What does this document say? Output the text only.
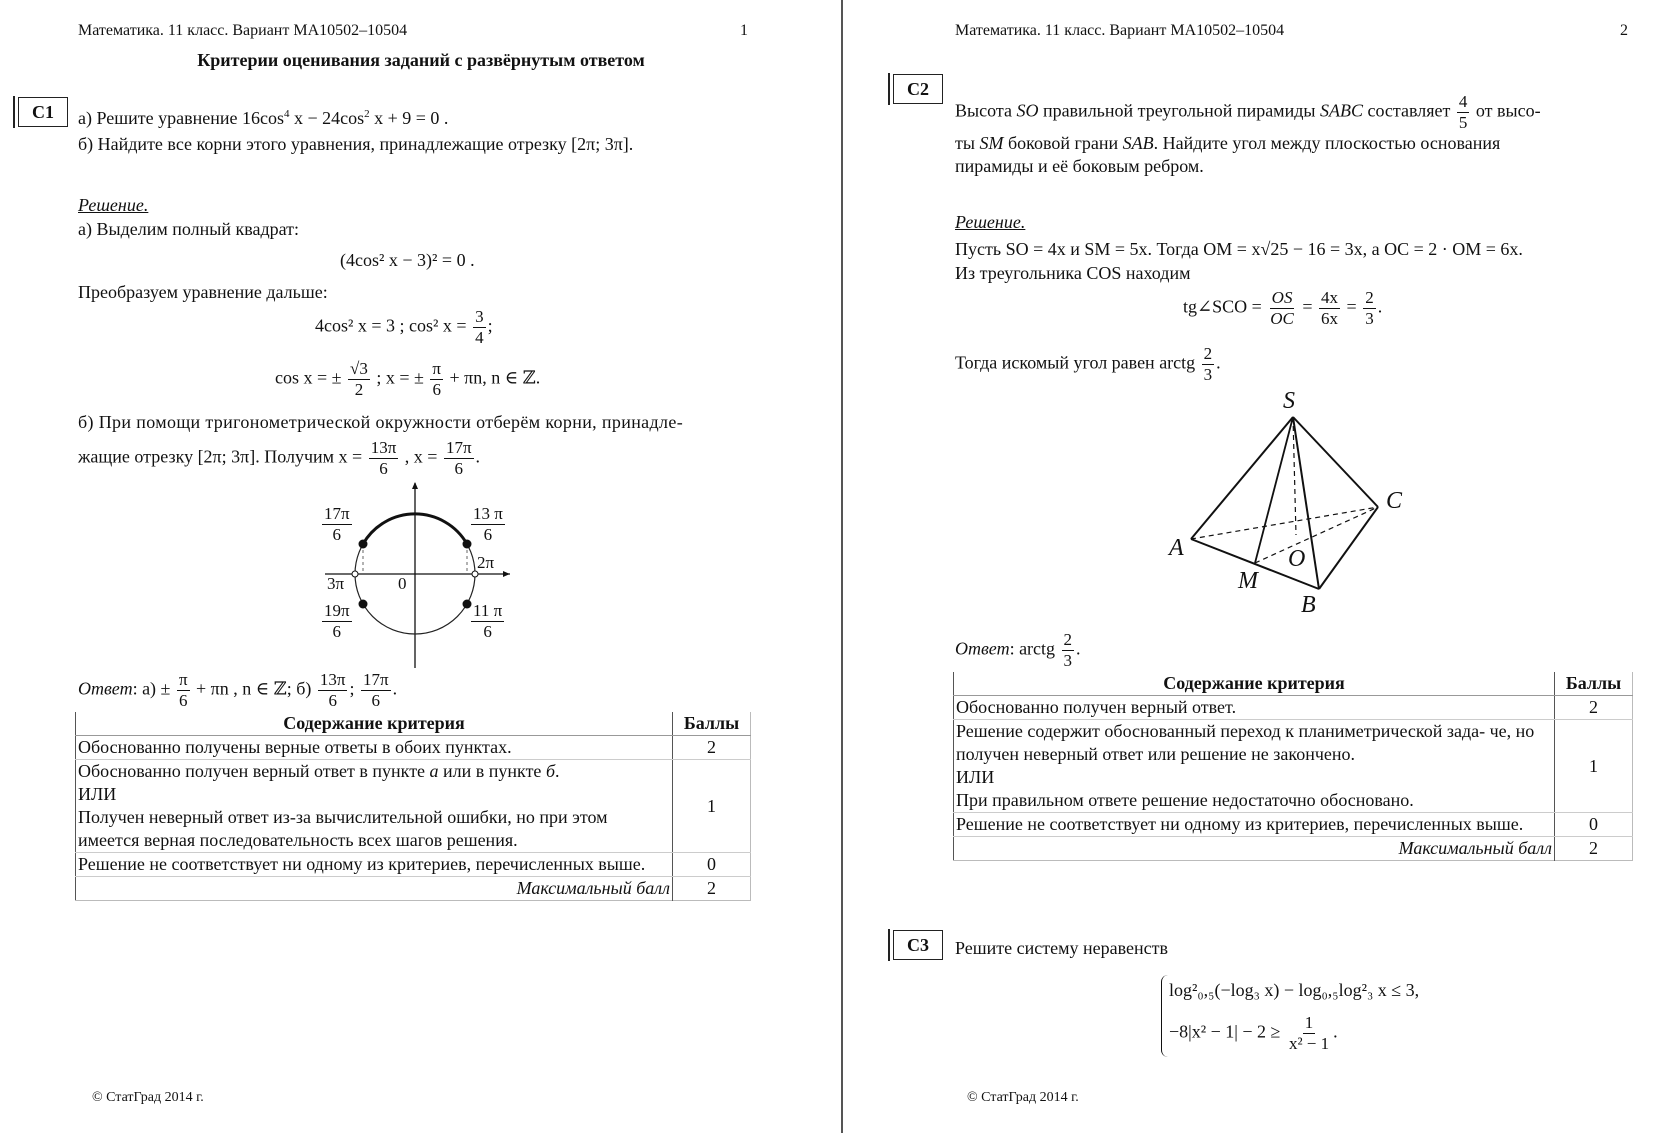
Математика. 11 класс. Вариант МА10502–10504	1
Критерии оценивания заданий с развёрнутым ответом
С1	а) Решите уравнение $16\cos^4$ $x - 24\cos^2$ x + 9 = 0 .
б) Найдите все корни этого уравнения, принадлежащие отрезку [2π; 3π].
Решение.
а) Выделим полный квадрат:
(4cos² x − 3)² = 0 .
Преобразуем уравнение дальше:
4cos² x = 3 ; cos² $x = \frac{3}{4}$ ;
cos x = ± $\frac{√3}{2}$ ; x = ± $\frac{\pi}{6} + \pi n$, n ∈ ℤ.
б) При помощи тригонометрической окружности отберём корни, принадле-
жащие отрезку [2π; 3π]. Получим $x = \frac{13\pi}{6}$ , $x = \frac{17\pi}{6}$ .
$\frac{17\pi}{6}$	$\frac{13 \pi}{6}$
2π
3π	0
$\frac{19\pi}{6}$	$\frac{11 \pi}{6}$
Ответ: $а) \pm \frac{\pi}{6} + \pi n$ , n ∈ ℤ; $б) \frac{13\pi}{6}$ ; $\frac{17\pi}{6}$ .
Содержание критерия	Баллы
Обоснованно получены верные ответы в обоих пунктах.	2
Обоснованно получен верный ответ в пункте а или в пункте б.
ИЛИ
Получен неверный ответ из-за вычислительной ошибки, но при этом имеется верная последовательность всех шагов решения.	1
Решение не соответствует ни одному из критериев, перечисленных выше.	0
Максимальный балл	2
© СтатГрад 2014 г.
Математика. 11 класс. Вариант МА10502–10504	2
С2
Высота SO правильной треугольной пирамиды SABC составляет $\frac{4}{5}$ от высо-
ты SM боковой грани SAB. Найдите угол между плоскостью основания
пирамиды и её боковым ребром.
Решение.
Пусть SO = 4x и SM = 5x. Тогда OM = x√25 − 16 = 3x, а OC = 2 · OM = 6x.
Из треугольника COS находим
tg∠SCO = $\frac{OS}{OC} = \frac{4x}{6x} = \frac{2}{3}$ .
Тогда искомый угол равен arctg $\frac{2}{3}$ .
S
A
C
B
O
M
Ответ: arctg $\frac{2}{3}$ .
Содержание критерия	Баллы
Обоснованно получен верный ответ.	2
Решение содержит обоснованный переход к планиметрической зада- че, но получен неверный ответ или решение не закончено.
ИЛИ
При правильном ответе решение недостаточно обосновано.	1
Решение не соответствует ни одному из критериев, перечисленных выше.	0
Максимальный балл	2
С3	Решите систему неравенств
log²₀,₅(−log₃ x) − log₀,₅log²₃ x ≤ 3,
$-8|x^2 - 1| - 2 \ge \frac{1}{\text{x² − 1}}$ .
© СтатГрад 2014 г.
